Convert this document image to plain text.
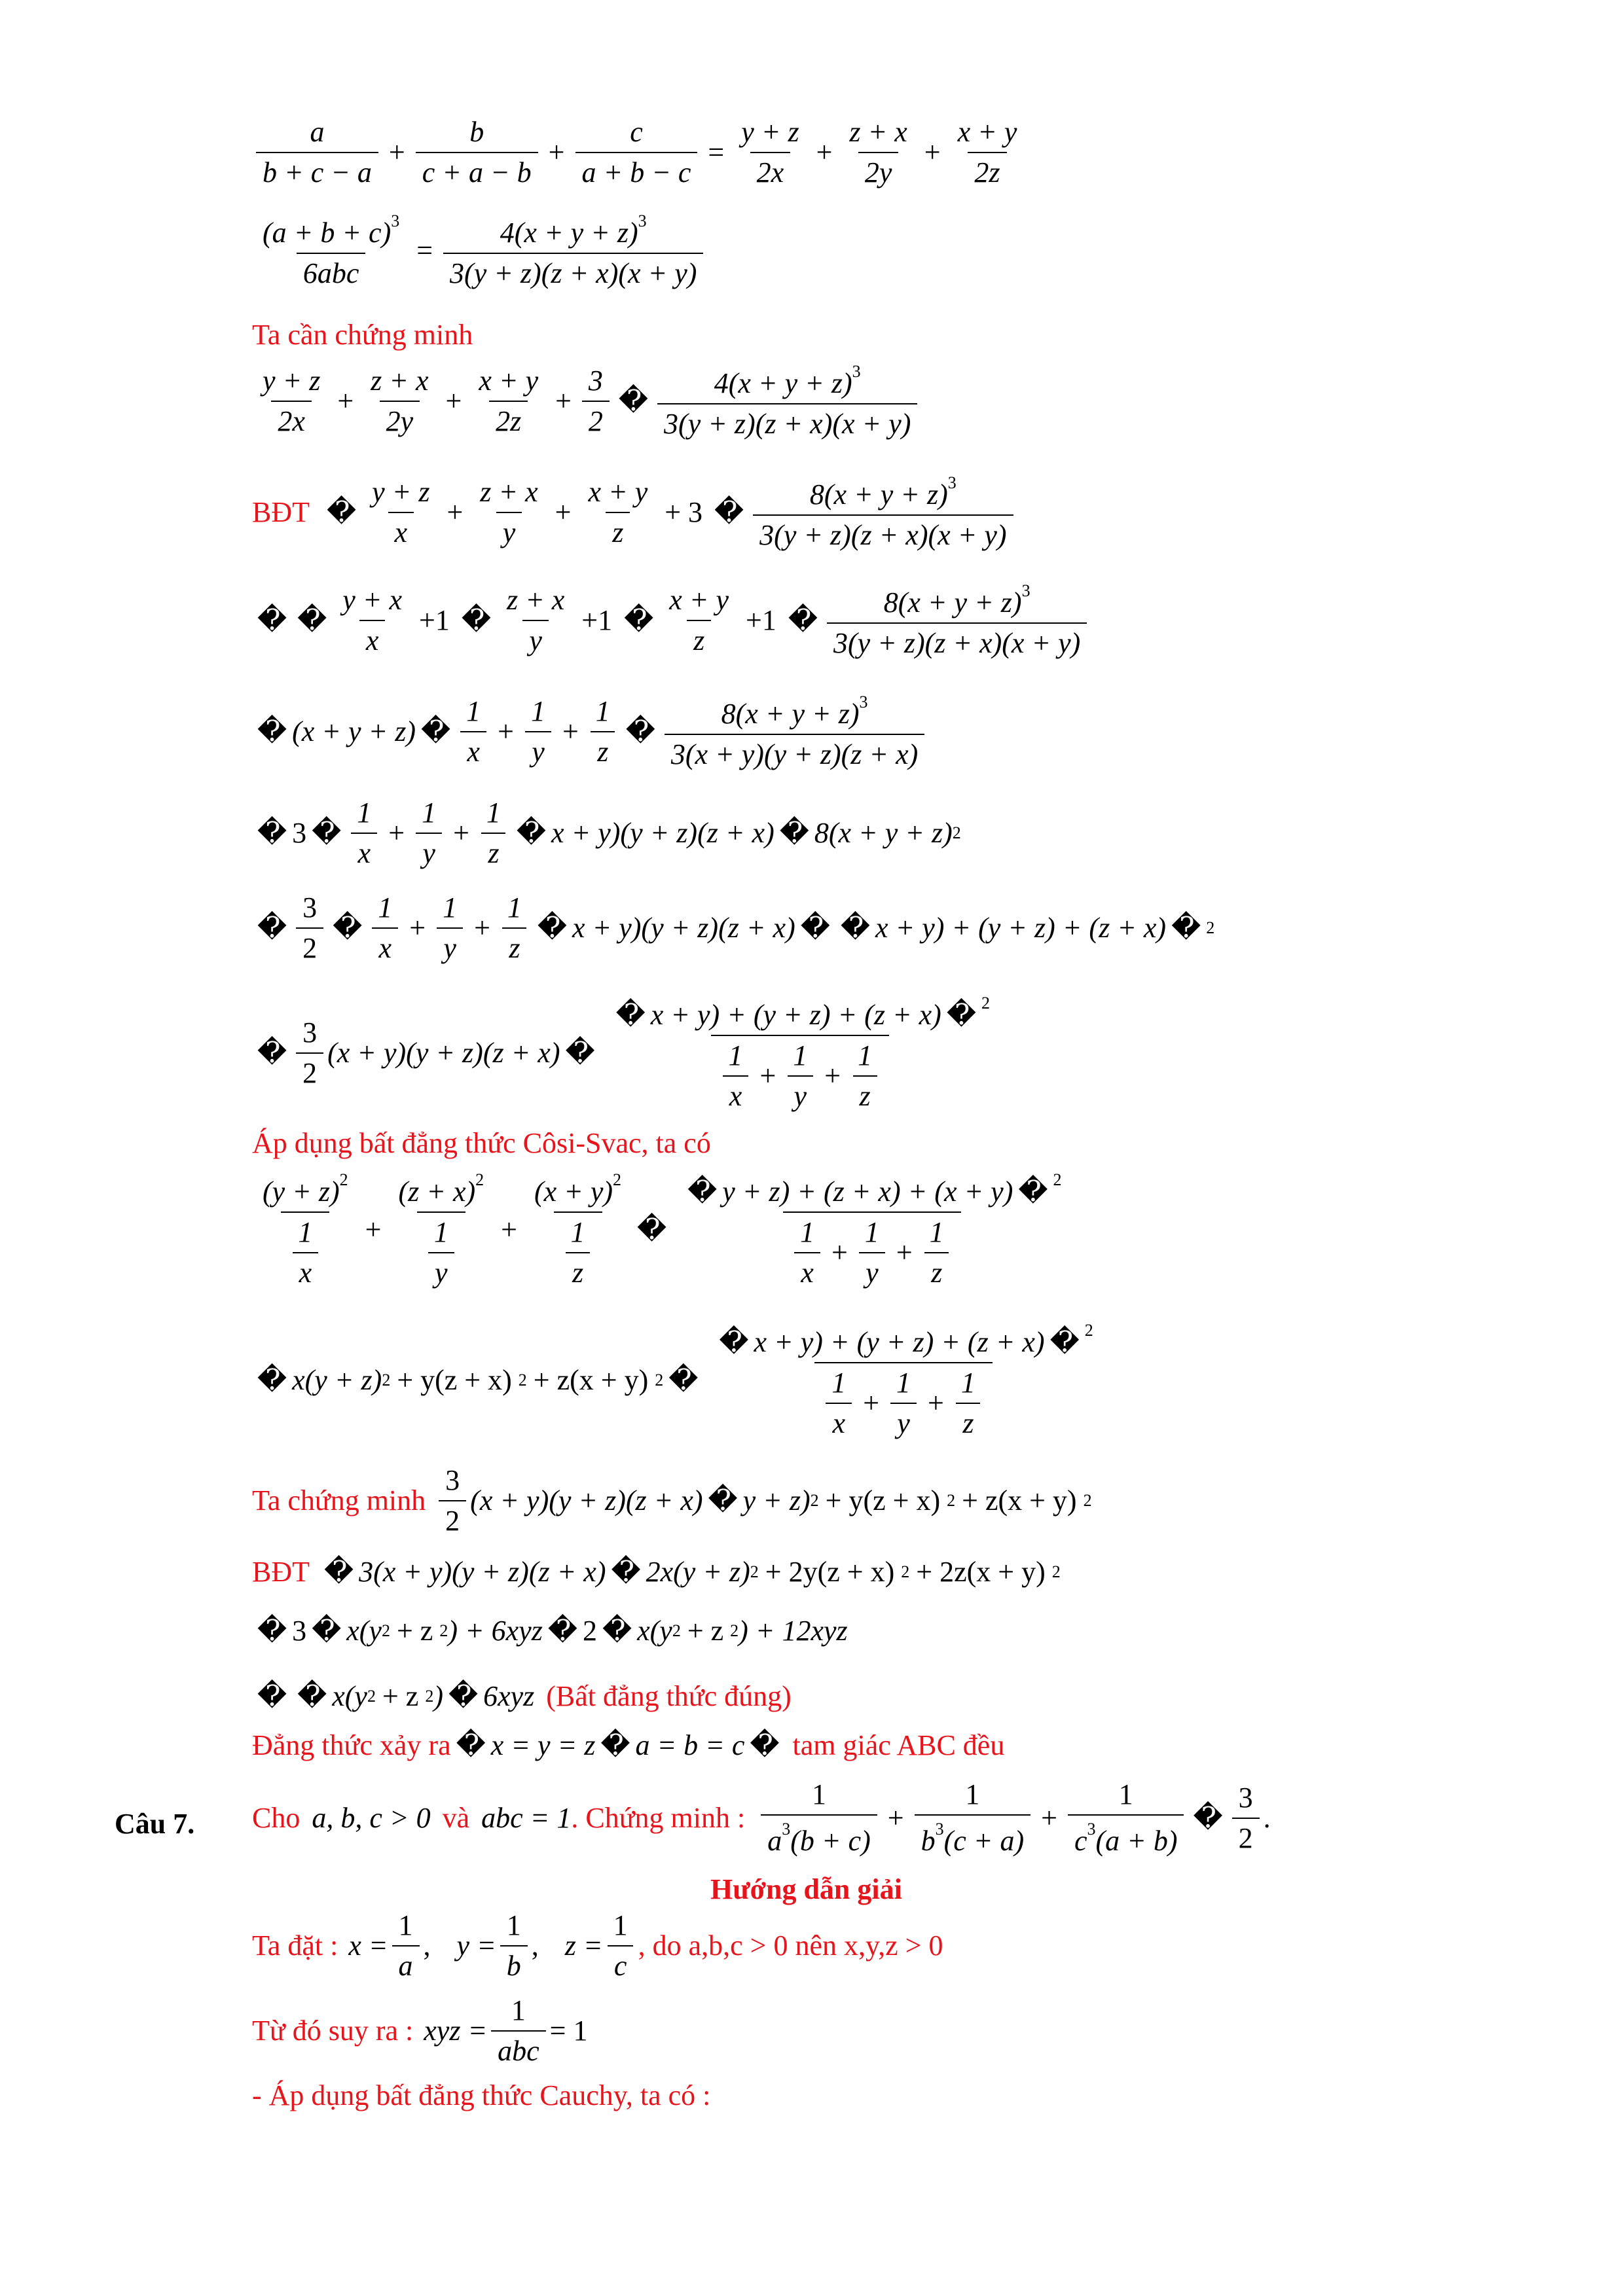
$\frac{a}{b + c - a} + \frac{b}{c + a - b} + \frac{c}{a + b - c} = \frac{y + z}{2x} + \frac{z + x}{2y} + \frac{x + y}{2z}$
$\frac{(a + b + c)^3}{\text{6abc}} = \frac{4(x + y + z)^3}{3(y + z)(z + x)(x + y)}$
Ta cần chứng minh
$\frac{y + z}{2x} + \frac{z + x}{2y} + \frac{x + y}{2z} + \frac{3}{2}$ � $\frac{4(x + y + z)^3}{3(y + z)(z + x)(x + y)}$
BĐT � $\frac{y + z}{x} + \frac{z + x}{y} + \frac{x + y}{z} + 3$ � $\frac{8(x + y + z)^3}{3(y + z)(z + x)(x + y)}$
� � $\frac{y + x}{x} +1$ � $\frac{z + x}{y} +1$ � $\frac{x + y}{z} +1$ � $\frac{8(x + y + z)^3}{3(y + z)(z + x)(x + y)}$
� (x + y + z) � $\frac{1}{x} + \frac{1}{y} + \frac{1}{z}$ � $\frac{8(x + y + z)^3}{3(x + y)(y + z)(z + x)}$
� 3 � $\frac{1}{x} + \frac{1}{y} + \frac{1}{z}$ � x + y)(y + z)(z + x) � 8(x + y + z) 2
� $\frac{3}{2}$ � $\frac{1}{x} + \frac{1}{y} + \frac{1}{z}$ � x + y)(y + z)(z + x) � � x + y) + (y + z) + (z + x) � 2
� $\frac{3}{2} (x + y)(y + z)(z + x)$ � $\frac{� x + y) + (y + z) + (z + x) � ^2}{\frac{1}{x} + \frac{1}{y} + \frac{1}{z}}$
Áp dụng bất đẳng thức Côsi-Svac, ta có
$\frac{(y + z)^2}{\frac{1}{x}} + \frac{(z + x)^2}{\frac{1}{y}} + \frac{(x + y)^2}{\frac{1}{z}}$ � $\frac{� y + z) + (z + x) + (x + y) � ^2}{\frac{1}{x} + \frac{1}{y} + \frac{1}{z}}$
� x(y + z) 2 + y(z + x) 2 + z(x + y) 2 � $\frac{� x + y) + (y + z) + (z + x) � ^2}{\frac{1}{x} + \frac{1}{y} + \frac{1}{z}}$
Ta chứng minh $\frac{3}{2} (x + y)(y + z)(z + x)$ � y + z) 2 + y(z + x) 2 + z(x + y) 2
BĐT � 3(x + y)(y + z)(z + x) � 2x(y + z) 2 + 2y(z + x) 2 + 2z(x + y) 2
� 3 � x(y 2 + z 2 ) + 6xyz � 2 � x(y 2 + z 2 ) + 12xyz
� � x(y 2 + z 2 ) � 6xyz (Bất đẳng thức đúng)
Đẳng thức xảy ra � x = y = z � a = b = c � tam giác ABC đều
Câu 7. Cho a, b, c > 0 và abc = 1 . Chứng minh : $\frac{1}{a^3(b + c)} + \frac{1}{b^3(c + a)} + \frac{1}{c^3(a + b)}$ � $\frac{3}{2}$ .
Hướng dẫn giải
Ta đặt : $x = \frac{1}{a}$ , $y = \frac{1}{b}$ , $z = \frac{1}{c}$ , do a,b,c > 0 nên x,y,z > 0
Từ đó suy ra : xyz = $\frac{1}{\text{abc}} = 1$
- Áp dụng bất đẳng thức Cauchy, ta có :
